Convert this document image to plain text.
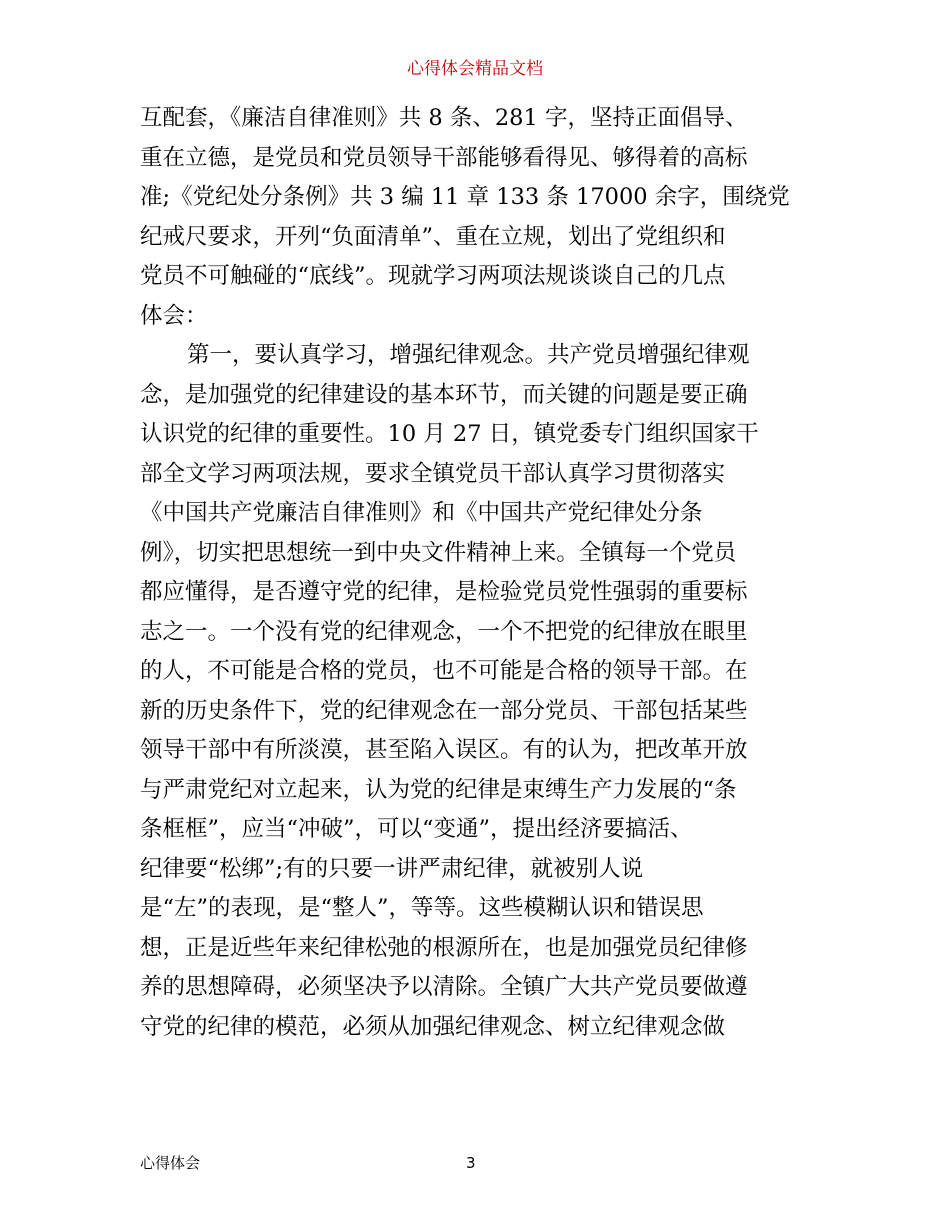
心得体会精品文档
互配套，《廉洁自律准则》共 8 条、281 字，坚持正面倡导、
重在立德，是党员和党员领导干部能够看得见、够得着的高标
准;《党纪处分条例》共 3 编 11 章 133 条 17000 余字，围绕党
纪戒尺要求，开列“负面清单”、重在立规，划出了党组织和
党员不可触碰的“底线”。现就学习两项法规谈谈自己的几点
体会：
第一，要认真学习，增强纪律观念。共产党员增强纪律观
念，是加强党的纪律建设的基本环节，而关键的问题是要正确
认识党的纪律的重要性。10 月 27 日，镇党委专门组织国家干
部全文学习两项法规，要求全镇党员干部认真学习贯彻落实
《中国共产党廉洁自律准则》和《中国共产党纪律处分条
例》，切实把思想统一到中央文件精神上来。全镇每一个党员
都应懂得，是否遵守党的纪律，是检验党员党性强弱的重要标
志之一。一个没有党的纪律观念，一个不把党的纪律放在眼里
的人，不可能是合格的党员，也不可能是合格的领导干部。在
新的历史条件下，党的纪律观念在一部分党员、干部包括某些
领导干部中有所淡漠，甚至陷入误区。有的认为，把改革开放
与严肃党纪对立起来，认为党的纪律是束缚生产力发展的“条
条框框”，应当“冲破”，可以“变通”，提出经济要搞活、
纪律要“松绑”;有的只要一讲严肃纪律，就被别人说
是“左”的表现，是“整人”，等等。这些模糊认识和错误思
想，正是近些年来纪律松弛的根源所在，也是加强党员纪律修
养的思想障碍，必须坚决予以清除。全镇广大共产党员要做遵
守党的纪律的模范，必须从加强纪律观念、树立纪律观念做
心得体会	3
